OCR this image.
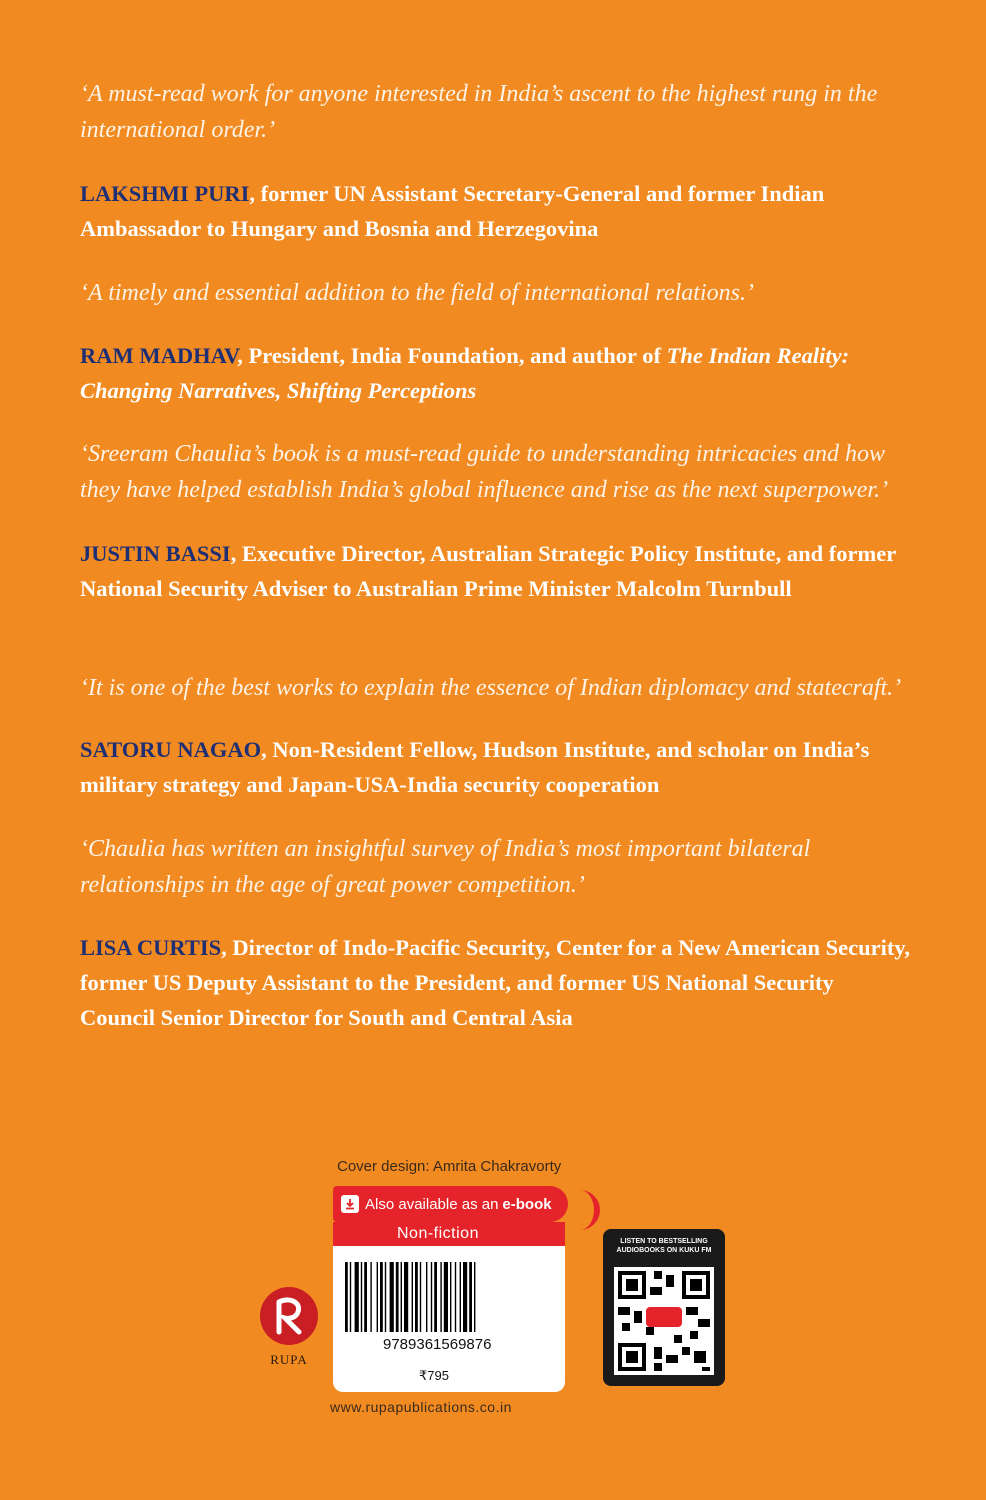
‘A must-read work for anyone interested in India’s ascent to the highest rung in the international order.’

LAKSHMI PURI, former UN Assistant Secretary-General and former Indian Ambassador to Hungary and Bosnia and Herzegovina

‘A timely and essential addition to the field of international relations.’

RAM MADHAV, President, India Foundation, and author of The Indian Reality: Changing Narratives, Shifting Perceptions

‘Sreeram Chaulia’s book is a must-read guide to understanding intricacies and how they have helped establish India’s global influence and rise as the next superpower.’

JUSTIN BASSI, Executive Director, Australian Strategic Policy Institute, and former National Security Adviser to Australian Prime Minister Malcolm Turnbull

‘It is one of the best works to explain the essence of Indian diplomacy and statecraft.’

SATORU NAGAO, Non-Resident Fellow, Hudson Institute, and scholar on India’s military strategy and Japan-USA-India security cooperation

‘Chaulia has written an insightful survey of India’s most important bilateral relationships in the age of great power competition.’

LISA CURTIS, Director of Indo-Pacific Security, Center for a New American Security, former US Deputy Assistant to the President, and former US National Security Council Senior Director for South and Central Asia

Cover design: Amrita Chakravorty
Also available as an e-book
Non-fiction
9789361569876
₹795
www.rupapublications.co.in
RUPA
LISTEN TO BESTSELLING AUDIOBOOKS ON KUKU FM
